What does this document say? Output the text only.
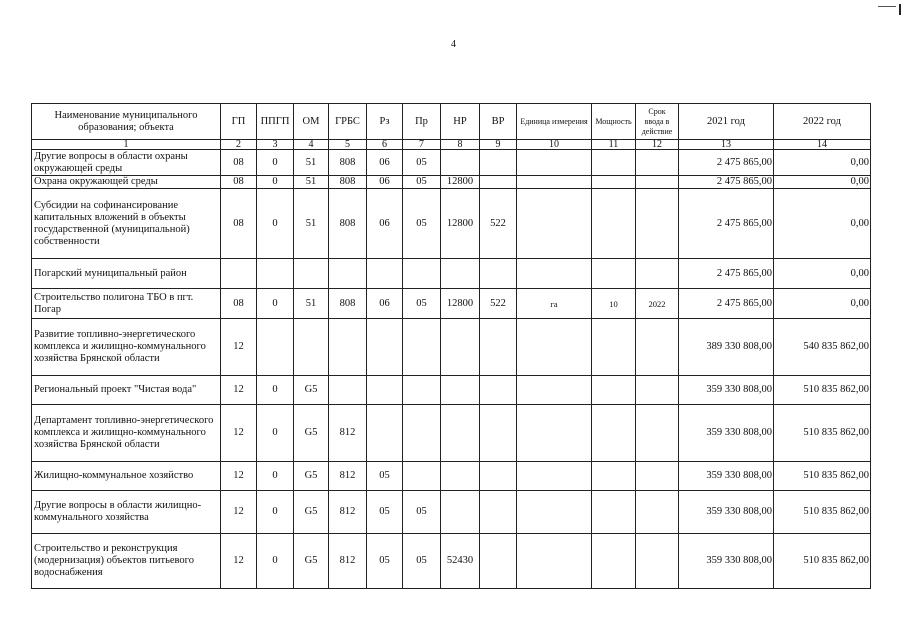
4
Наименование муниципального образования; объекта	ГП	ППГП	ОМ	ГРБС	Рз	Пр	НР	ВР	Единица измерения	Мощность	Срок ввода в действие	2021 год	2022 год
1	2	3	4	5	6	7	8	9	10	11	12	13	14
Другие вопросы в области охраны окружающей среды	08	0	51	808	06	05						2 475 865,00	0,00
Охрана окружающей среды	08	0	51	808	06	05	12800					2 475 865,00	0,00
Субсидии на софинансирование капитальных вложений в объекты государственной (муниципальной) собственности	08	0	51	808	06	05	12800	522				2 475 865,00	0,00
Погарский муниципальный район												2 475 865,00	0,00
Строительство полигона ТБО в пгт. Погар	08	0	51	808	06	05	12800	522	га	10	2022	2 475 865,00	0,00
Развитие топливно-энергетического комплекса и жилищно-коммунального хозяйства Брянской области	12											389 330 808,00	540 835 862,00
Региональный проект "Чистая вода"	12	0	G5									359 330 808,00	510 835 862,00
Департамент топливно-энергетического комплекса и жилищно-коммунального хозяйства Брянской области	12	0	G5	812								359 330 808,00	510 835 862,00
Жилищно-коммунальное хозяйство	12	0	G5	812	05							359 330 808,00	510 835 862,00
Другие вопросы в области жилищно-коммунального хозяйства	12	0	G5	812	05	05						359 330 808,00	510 835 862,00
Строительство и реконструкция (модернизация) объектов питьевого водоснабжения	12	0	G5	812	05	05	52430					359 330 808,00	510 835 862,00
